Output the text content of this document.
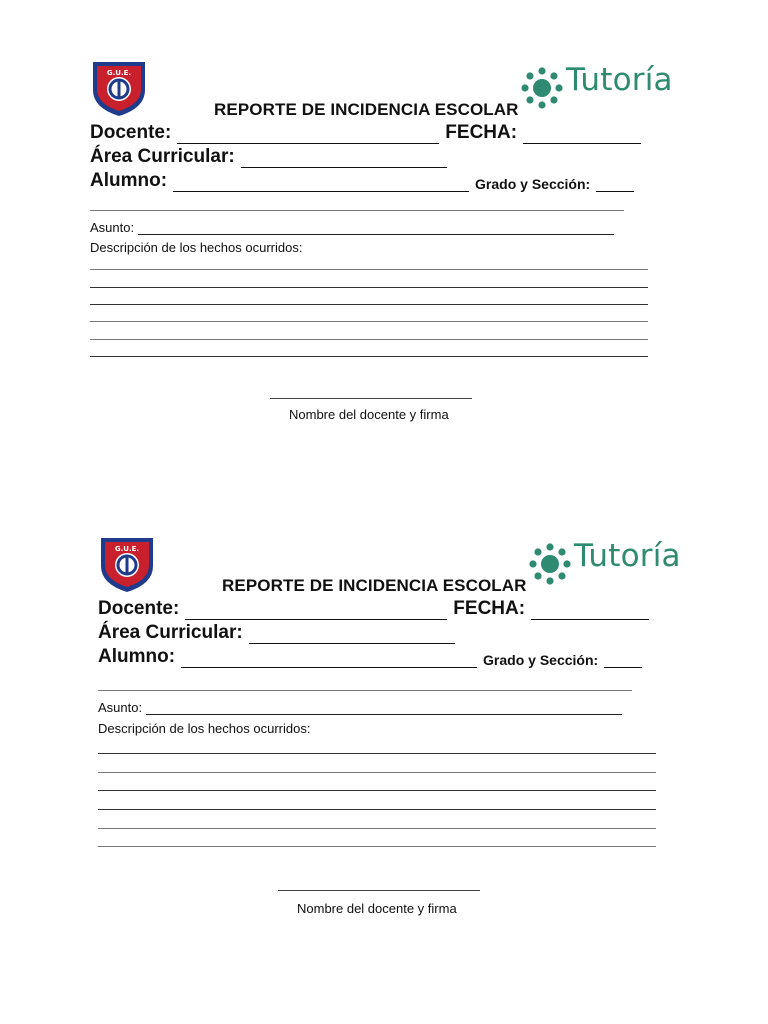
G.U.E.	Tutoría
REPORTE DE INCIDENCIA ESCOLAR
Docente:	FECHA:
Área Curricular:
Alumno:	Grado y Sección:
Asunto:
Descripción de los hechos ocurridos:
Nombre del docente y firma
G.U.E.	Tutoría
REPORTE DE INCIDENCIA ESCOLAR
Docente:	FECHA:
Área Curricular:
Alumno:	Grado y Sección:
Asunto:
Descripción de los hechos ocurridos:
Nombre del docente y firma
